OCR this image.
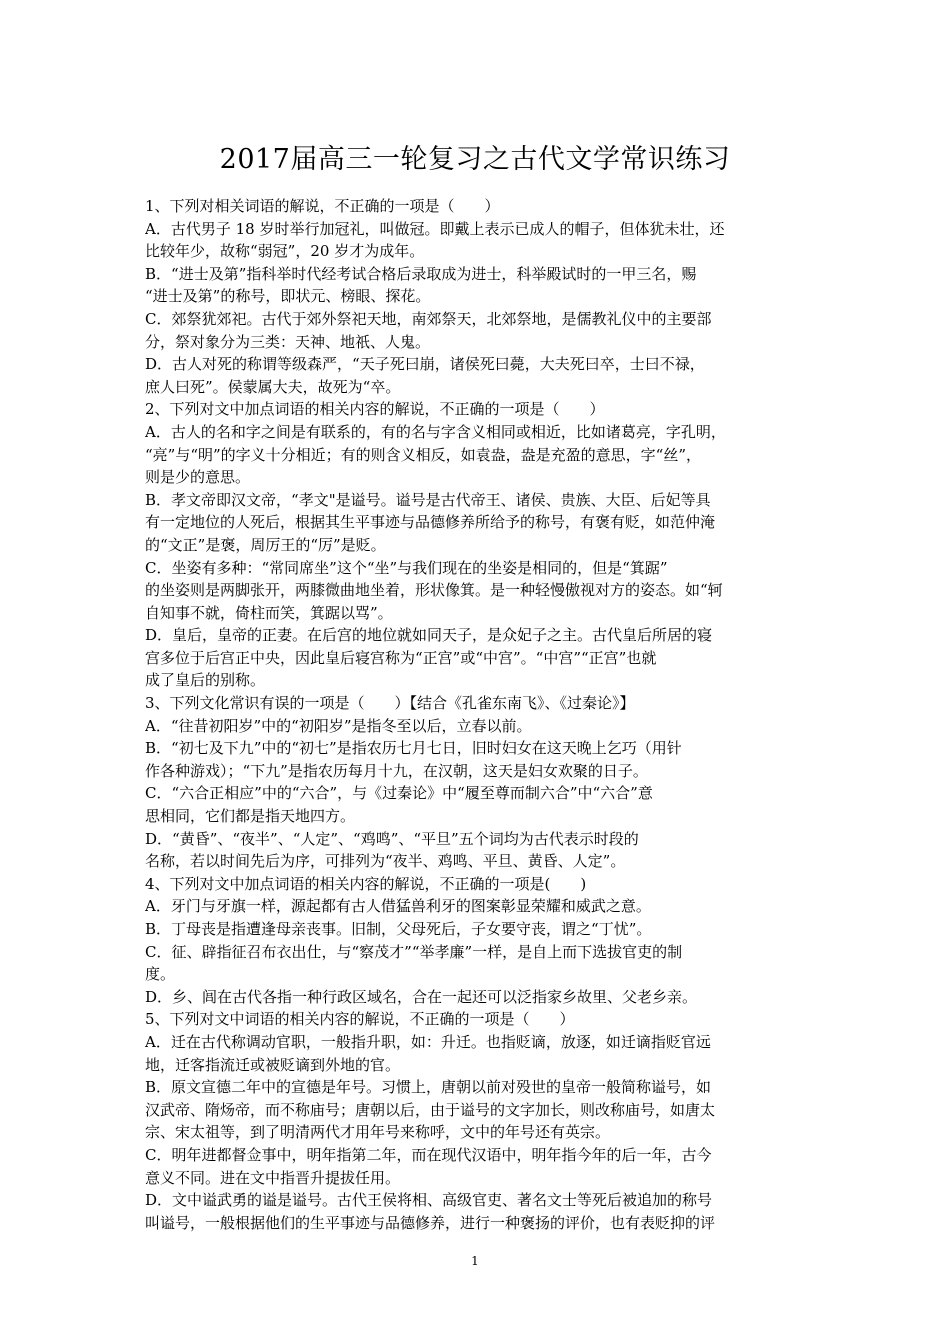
2017届高三一轮复习之古代文学常识练习
1、下列对相关词语的解说，不正确的一项是（　　）
A．古代男子 18 岁时举行加冠礼，叫做冠。即戴上表示已成人的帽子，但体犹未壮，还
比较年少，故称“弱冠”，20 岁才为成年。
B．“进士及第”指科举时代经考试合格后录取成为进士，科举殿试时的一甲三名，赐
“进士及第”的称号，即状元、榜眼、探花。
C．郊祭犹郊祀。古代于郊外祭祀天地，南郊祭天，北郊祭地，是儒教礼仪中的主要部
分，祭对象分为三类：天神、地祇、人鬼。
D．古人对死的称谓等级森严，“天子死曰崩，诸侯死曰薨，大夫死曰卒，士曰不禄，
庶人曰死”。侯蒙属大夫，故死为“卒。
2、下列对文中加点词语的相关内容的解说，不正确的一项是（　　）
A．古人的名和字之间是有联系的，有的名与字含义相同或相近，比如诸葛亮，字孔明，
“亮”与“明”的字义十分相近；有的则含义相反，如袁盎，盎是充盈的意思，字“丝”，
则是少的意思。
B．孝文帝即汉文帝，“孝文"是谥号。谥号是古代帝王、诸侯、贵族、大臣、后妃等具
有一定地位的人死后，根据其生平事迹与品德修养所给予的称号，有褒有贬，如范仲淹
的“文正”是褒，周厉王的“厉”是贬。
C．坐姿有多种：“常同席坐”这个“坐”与我们现在的坐姿是相同的，但是“箕踞”
的坐姿则是两脚张开，两膝微曲地坐着，形状像箕。是一种轻慢傲视对方的姿态。如“轲
自知事不就，倚柱而笑，箕踞以骂”。
D．皇后，皇帝的正妻。在后宫的地位就如同天子，是众妃子之主。古代皇后所居的寝
宫多位于后宫正中央，因此皇后寝宫称为“正宫”或“中宫”。“中宫”“正宫”也就
成了皇后的别称。
3、下列文化常识有误的一项是（　　）【结合《孔雀东南飞》、《过秦论》】
A．“往昔初阳岁”中的“初阳岁”是指冬至以后，立春以前。
B．“初七及下九”中的“初七”是指农历七月七日，旧时妇女在这天晚上乞巧（用针
作各种游戏）；“下九”是指农历每月十九，在汉朝，这天是妇女欢聚的日子。
C．“六合正相应”中的“六合”，与《过秦论》中“履至尊而制六合”中“六合”意
思相同，它们都是指天地四方。
D．“黄昏”、“夜半”、“人定”、“鸡鸣”、“平旦”五个词均为古代表示时段的
名称，若以时间先后为序，可排列为“夜半、鸡鸣、平旦、黄昏、人定”。
4、下列对文中加点词语的相关内容的解说，不正确的一项是(　　)
A．牙门与牙旗一样，源起都有古人借猛兽利牙的图案彰显荣耀和威武之意。
B．丁母丧是指遭逢母亲丧事。旧制，父母死后，子女要守丧，谓之“丁忧”。
C．征、辟指征召布衣出仕，与“察茂才”“举孝廉”一样，是自上而下选拔官吏的制
度。
D．乡、闾在古代各指一种行政区域名，合在一起还可以泛指家乡故里、父老乡亲。
5、下列对文中词语的相关内容的解说，不正确的一项是（　　）
A．迁在古代称调动官职，一般指升职，如：升迁。也指贬谪，放逐，如迁谪指贬官远
地，迁客指流迁或被贬谪到外地的官。
B．原文宣德二年中的宣德是年号。习惯上，唐朝以前对殁世的皇帝一般简称谥号，如
汉武帝、隋炀帝，而不称庙号；唐朝以后，由于谥号的文字加长，则改称庙号，如唐太
宗、宋太祖等，到了明清两代才用年号来称呼，文中的年号还有英宗。
C．明年进都督佥事中，明年指第二年，而在现代汉语中，明年指今年的后一年，古今
意义不同。进在文中指晋升提拔任用。
D．文中谥武勇的谥是谥号。古代王侯将相、高级官吏、著名文士等死后被追加的称号
叫谥号，一般根据他们的生平事迹与品德修养，进行一种褒扬的评价，也有表贬抑的评
1
